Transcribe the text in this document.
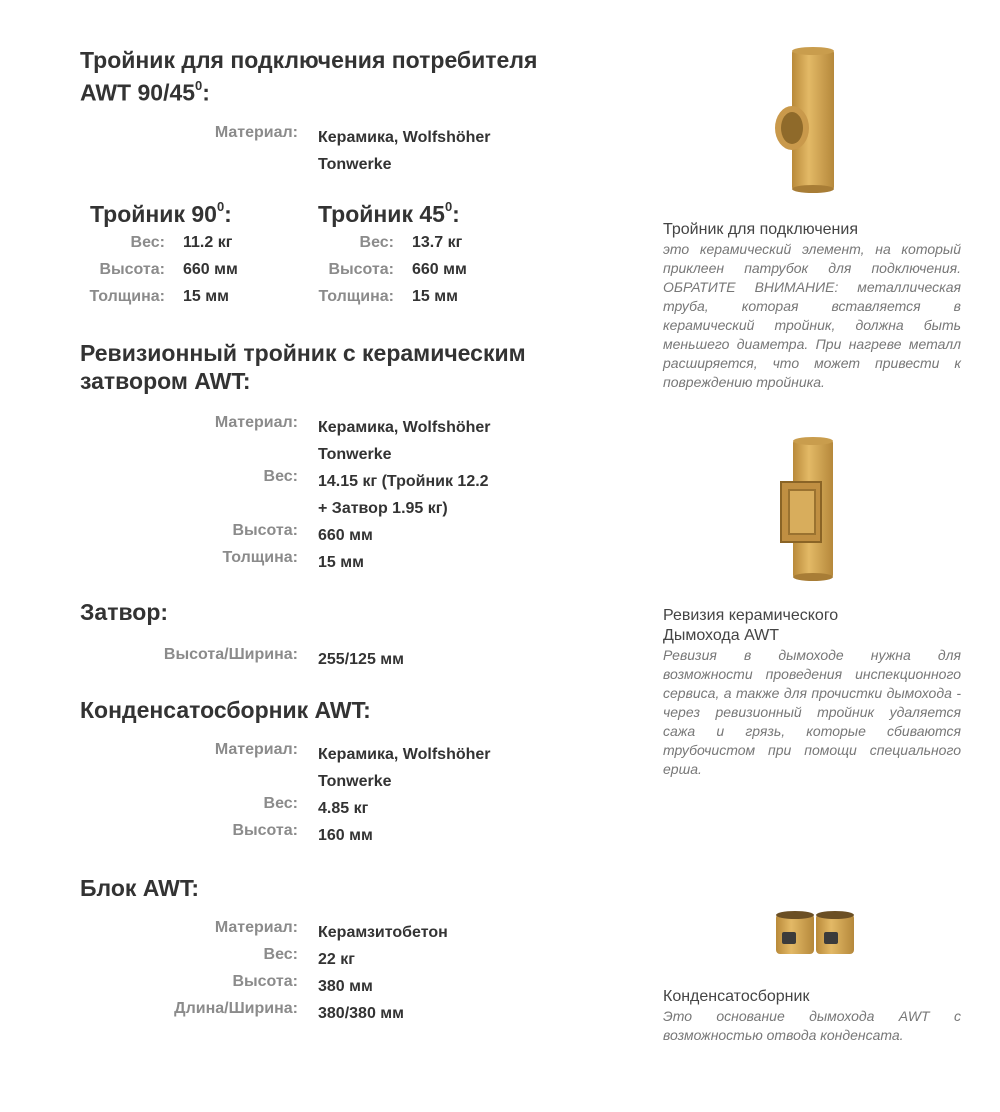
Тройник для подключения потребителя
AWT $90/45^0$:

Материал:	Керамика, Wolfshöher
Tonwerke
Тройник $90^0$:
Вес:	11.2 кг
Высота:	660 мм
Толщина:	15 мм
Тройник $45^0$:
Вес:	13.7 кг
Высота:	660 мм
Толщина:	15 мм

Ревизионный тройник с керамическим
затвором AWT:

Материал:	Керамика, Wolfshöher
Tonwerke
Вес:	14.15 кг (Тройник 12.2
+ Затвор 1.95 кг)
Высота:	660 мм
Толщина:	15 мм

Затвор:

Высота/Ширина:	255/125 мм

Конденсатосборник AWT:

Материал:	Керамика, Wolfshöher
Tonwerke
Вес:	4.85 кг
Высота:	160 мм

Блок AWT:

Материал:	Керамзитобетон
Вес:	22 кг
Высота:	380 мм
Длина/Ширина:	380/380 мм
Тройник для подключения
это керамический элемент, на который приклеен патрубок для подключения. ОБРАТИТЕ ВНИМАНИЕ: металлическая труба, которая вставляется в керамический тройник, должна быть меньшего диаметра. При нагреве металл расширяется, что может привести к повреждению тройника.
Ревизия керамического
Дымохода AWT
Ревизия в дымоходе нужна для возможности проведения инспекционного сервиса, а также для прочистки дымохода - через ревизионный тройник удаляется сажа и грязь, которые сбиваются трубочистом при помощи специального ерша.
Конденсатосборник
Это основание дымохода AWT с возможностью отвода конденсата.
